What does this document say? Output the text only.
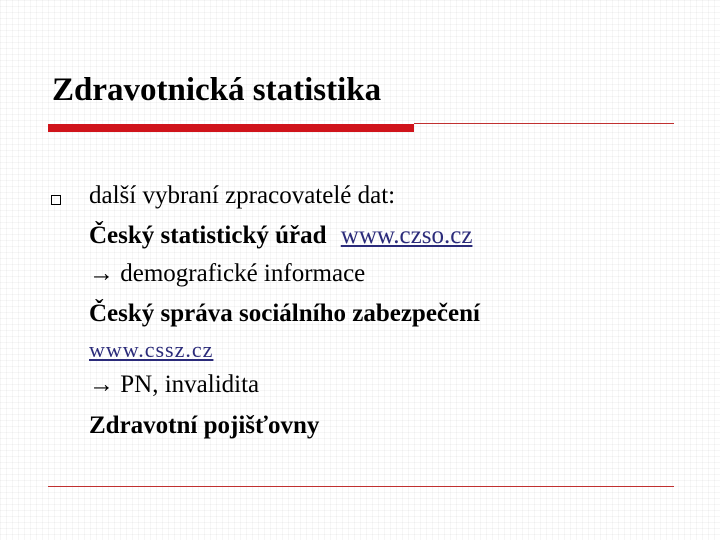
Zdravotnická statistika
další vybraní zpracovatelé dat:
Český statistický úřad www.czso.cz
→ demografické informace
Český správa sociálního zabezpečení
www.cssz.cz
→ PN, invalidita
Zdravotní pojišťovny
